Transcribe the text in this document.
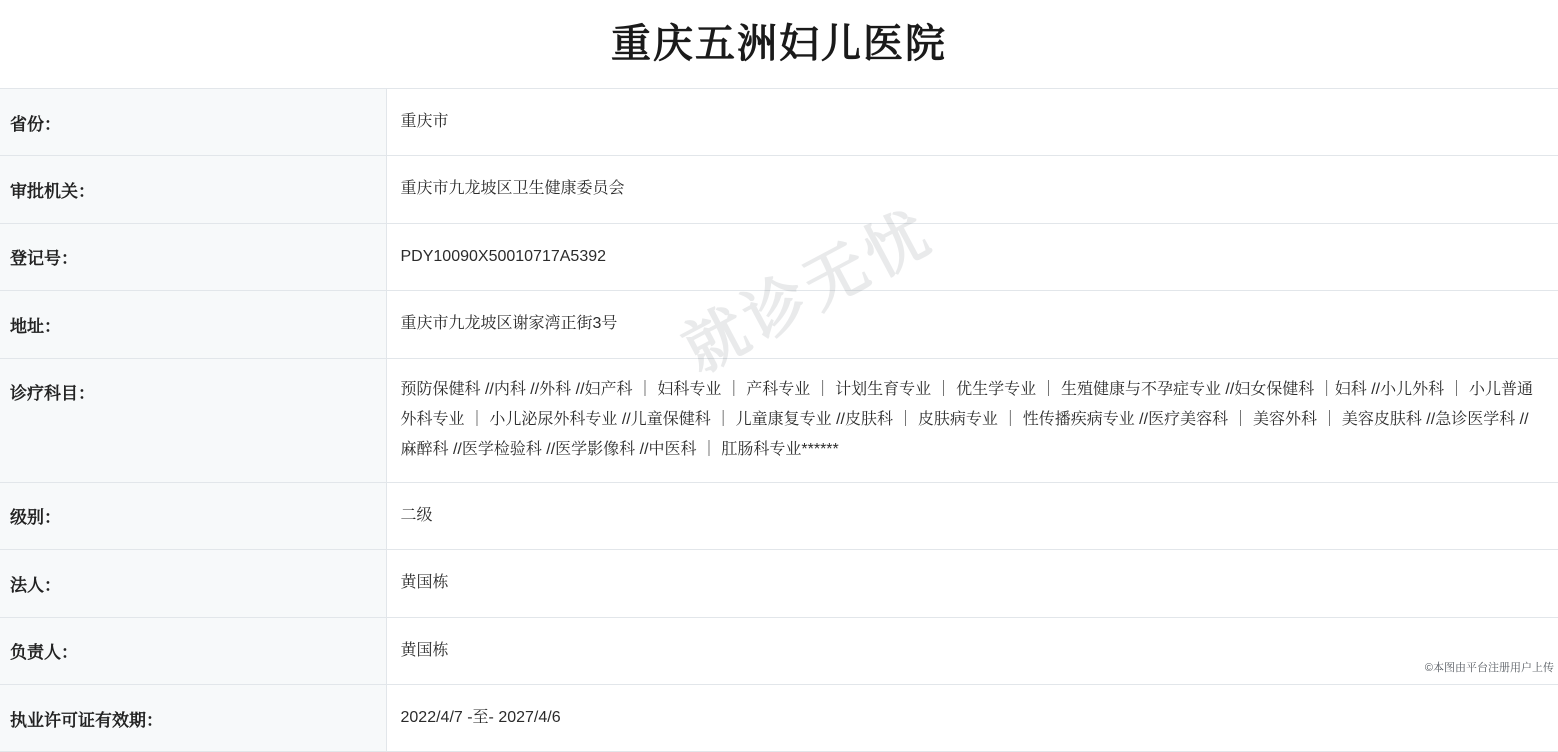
重庆五洲妇儿医院
省份：	重庆市
审批机关：	重庆市九龙坡区卫生健康委员会
登记号：	PDY10090X50010717A5392
地址：	重庆市九龙坡区谢家湾正街3号
诊疗科目：	预防保健科 //内科 //外科 //妇产科 ｜ 妇科专业 ｜ 产科专业 ｜ 计划生育专业 ｜ 优生学专业 ｜ 生殖健康与不孕症专业 //妇女保健科 ｜妇科 //小儿外科 ｜ 小儿普通外科专业 ｜ 小儿泌尿外科专业 //儿童保健科 ｜ 儿童康复专业 //皮肤科 ｜ 皮肤病专业 ｜ 性传播疾病专业 //医疗美容科 ｜ 美容外科 ｜ 美容皮肤科 //急诊医学科 //麻醉科 //医学检验科 //医学影像科 //中医科 ｜ 肛肠科专业******
级别：	二级
法人：	黄国栋
负责人：	黄国栋
执业许可证有效期：	2022/4/7 -至- 2027/4/6
©本图由平台注册用户上传
